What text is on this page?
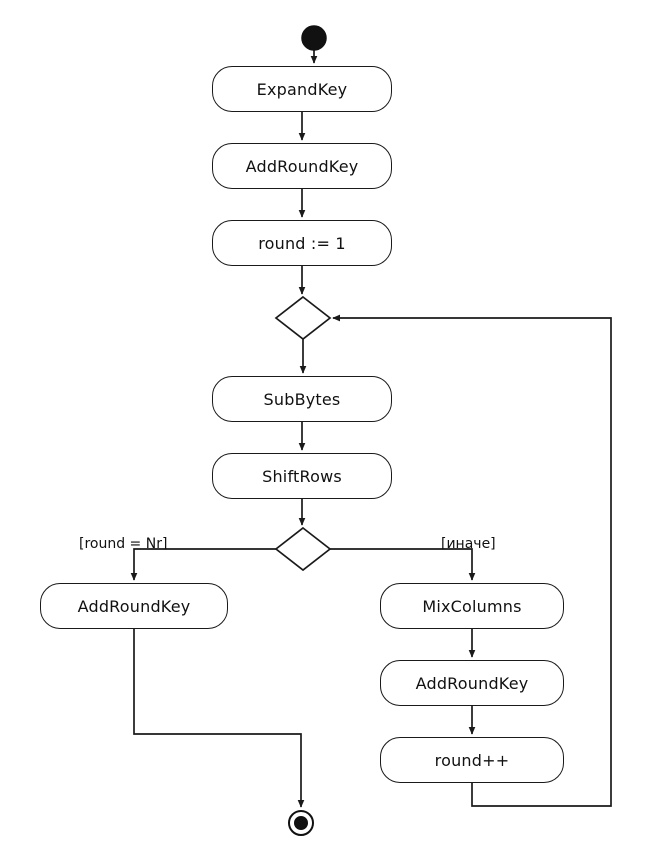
ExpandKey
AddRoundKey
round := 1
SubBytes
ShiftRows
AddRoundKey	MixColumns
AddRoundKey
round++
[round = Nr]	[иначе]
